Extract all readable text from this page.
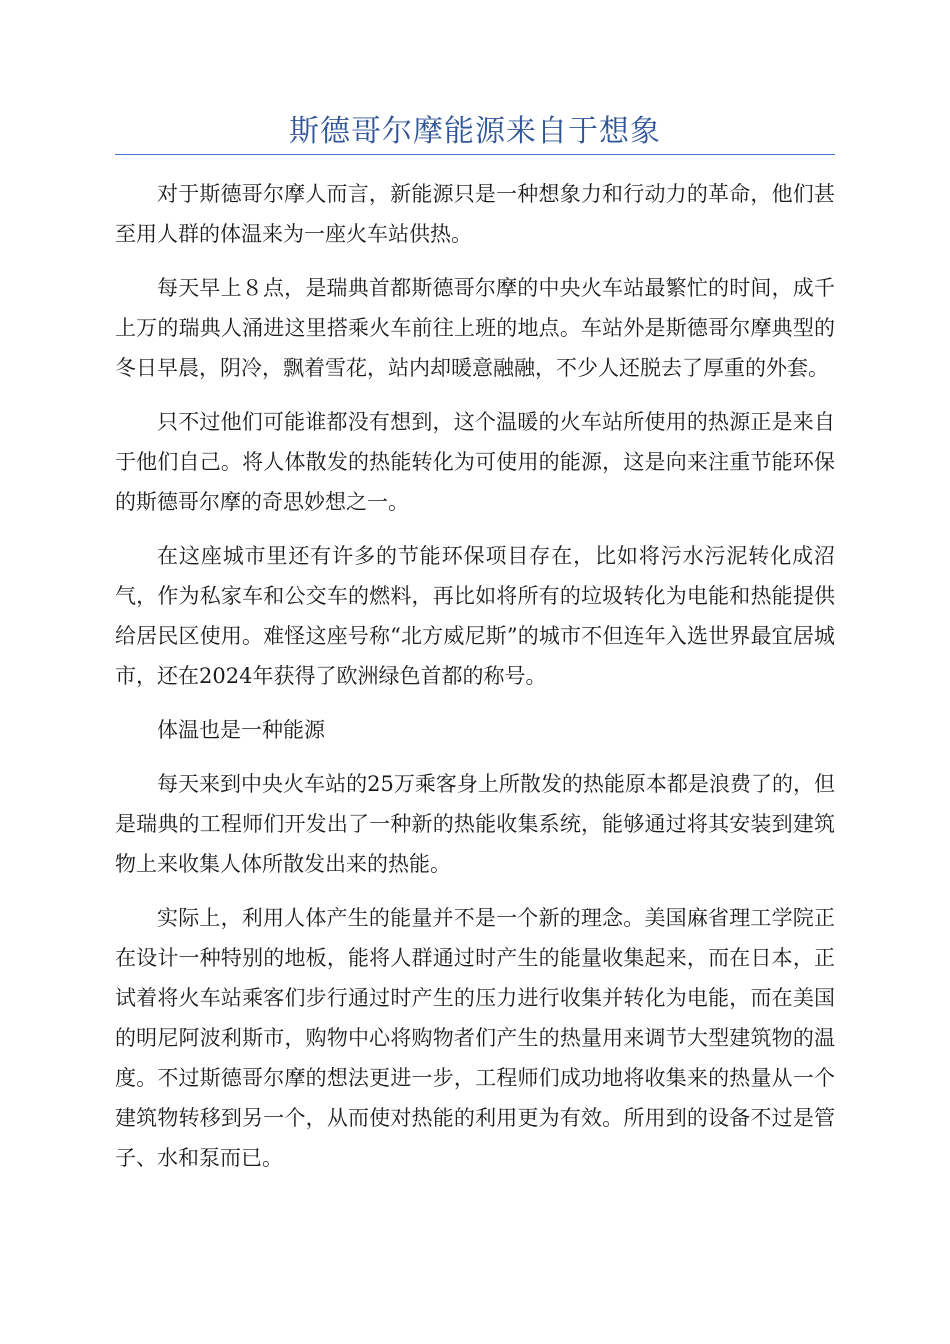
斯德哥尔摩能源来自于想象

对于斯德哥尔摩人而言，新能源只是一种想象力和行动力的革命，他们甚至用人群的体温来为一座火车站供热。

每天早上８点，是瑞典首都斯德哥尔摩的中央火车站最繁忙的时间，成千上万的瑞典人涌进这里搭乘火车前往上班的地点。车站外是斯德哥尔摩典型的冬日早晨，阴冷，飘着雪花，站内却暖意融融，不少人还脱去了厚重的外套。

只不过他们可能谁都没有想到，这个温暖的火车站所使用的热源正是来自于他们自己。将人体散发的热能转化为可使用的能源，这是向来注重节能环保的斯德哥尔摩的奇思妙想之一。

在这座城市里还有许多的节能环保项目存在，比如将污水污泥转化成沼气，作为私家车和公交车的燃料，再比如将所有的垃圾转化为电能和热能提供给居民区使用。难怪这座号称“北方威尼斯”的城市不但连年入选世界最宜居城市，还在2024年获得了欧洲绿色首都的称号。

体温也是一种能源

每天来到中央火车站的25万乘客身上所散发的热能原本都是浪费了的，但是瑞典的工程师们开发出了一种新的热能收集系统，能够通过将其安装到建筑物上来收集人体所散发出来的热能。

实际上，利用人体产生的能量并不是一个新的理念。美国麻省理工学院正在设计一种特别的地板，能将人群通过时产生的能量收集起来，而在日本，正试着将火车站乘客们步行通过时产生的压力进行收集并转化为电能，而在美国的明尼阿波利斯市，购物中心将购物者们产生的热量用来调节大型建筑物的温度。不过斯德哥尔摩的想法更进一步，工程师们成功地将收集来的热量从一个建筑物转移到另一个，从而使对热能的利用更为有效。所用到的设备不过是管子、水和泵而已。
